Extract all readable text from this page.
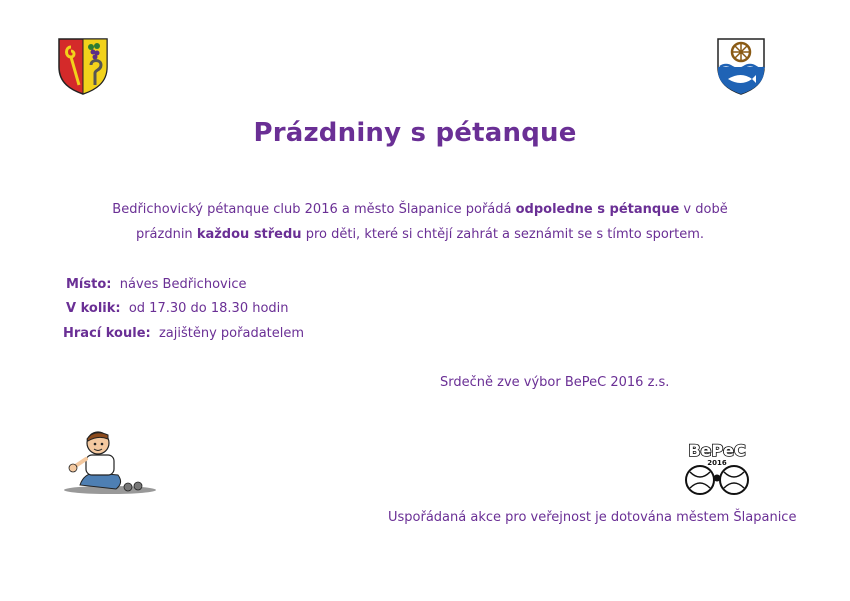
Prázdniny s pétanque
Bedřichovický pétanque club 2016 a město Šlapanice pořádá odpoledne s pétanque v době
prázdnin každou středu pro děti, které si chtějí zahrát a seznámit se s tímto sportem.
Místo: náves Bedřichovice
V kolik: od 17.30 do 18.30 hodin
Hrací koule: zajištěny pořadatelem
Srdečně zve výbor BePeC 2016 z.s.
BePeC
2016
Uspořádaná akce pro veřejnost je dotována městem Šlapanice
